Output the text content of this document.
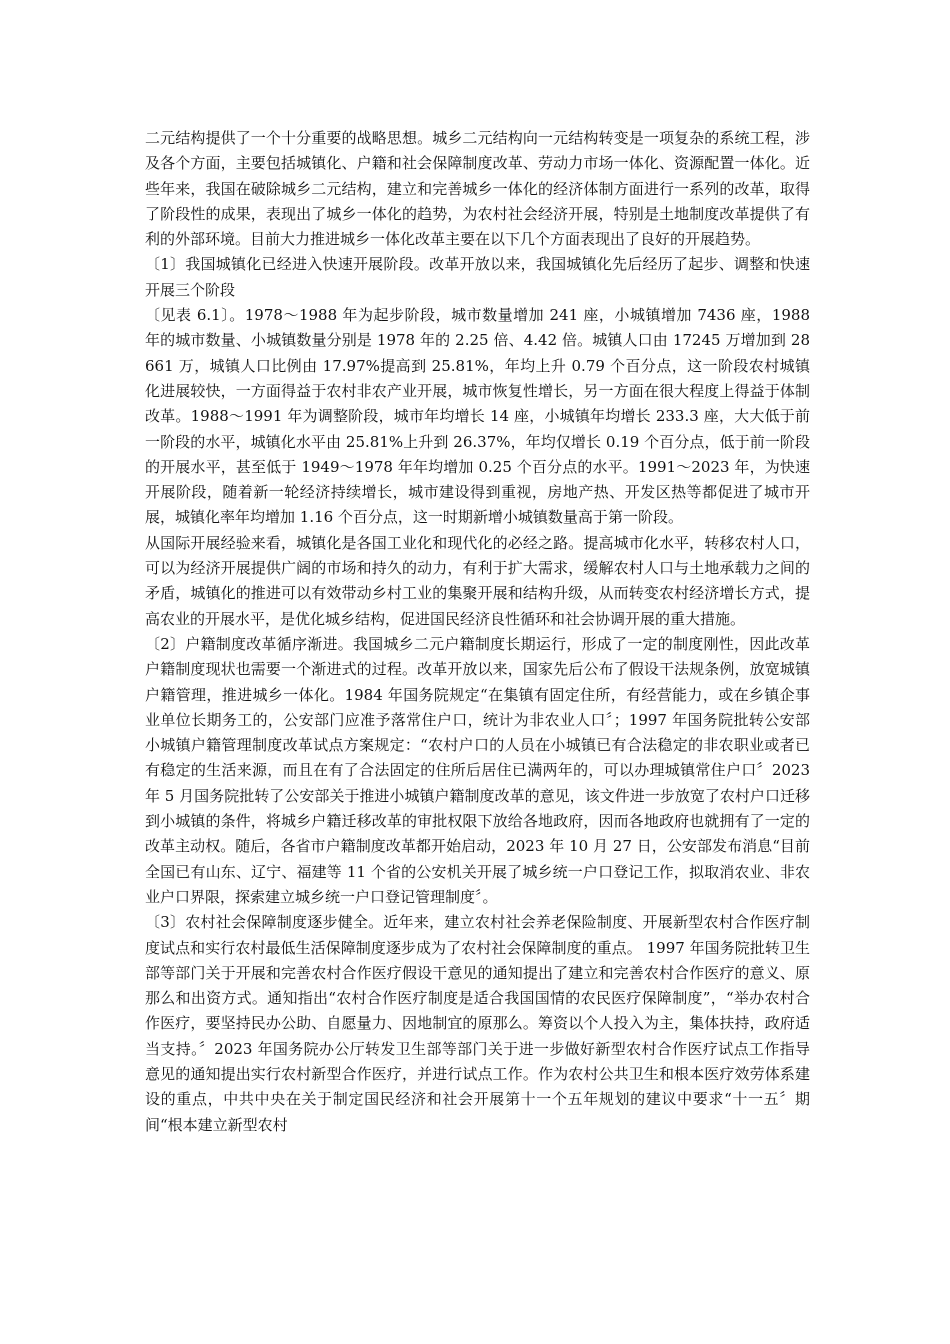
二元结构提供了一个十分重要的战略思想。城乡二元结构向一元结构转变是一项复杂的系统工程，涉及各个方面，主要包括城镇化、户籍和社会保障制度改革、劳动力市场一体化、资源配置一体化。近些年来，我国在破除城乡二元结构，建立和完善城乡一体化的经济体制方面进行一系列的改革，取得了阶段性的成果，表现出了城乡一体化的趋势，为农村社会经济开展，特别是土地制度改革提供了有利的外部环境。目前大力推进城乡一体化改革主要在以下几个方面表现出了良好的开展趋势。

〔1〕我国城镇化已经进入快速开展阶段。改革开放以来，我国城镇化先后经历了起步、调整和快速开展三个阶段

〔见表 6.1〕。1978～1988 年为起步阶段，城市数量增加 241 座，小城镇增加 7436 座，1988 年的城市数量、小城镇数量分别是 1978 年的 2.25 倍、4.42 倍。城镇人口由 17245 万增加到 28661 万，城镇人口比例由 17.97%提高到 25.81%，年均上升 0.79 个百分点，这一阶段农村城镇化进展较快，一方面得益于农村非农产业开展，城市恢复性增长，另一方面在很大程度上得益于体制改革。1988～1991 年为调整阶段，城市年均增长 14 座，小城镇年均增长 233.3 座，大大低于前一阶段的水平，城镇化水平由 25.81%上升到 26.37%，年均仅增长 0.19 个百分点，低于前一阶段的开展水平，甚至低于 1949～1978 年年均增加 0.25 个百分点的水平。1991～2023 年，为快速开展阶段，随着新一轮经济持续增长，城市建设得到重视，房地产热、开发区热等都促进了城市开展，城镇化率年均增加 1.16 个百分点，这一时期新增小城镇数量高于第一阶段。

从国际开展经验来看，城镇化是各国工业化和现代化的必经之路。提高城市化水平，转移农村人口，可以为经济开展提供广阔的市场和持久的动力，有利于扩大需求，缓解农村人口与土地承载力之间的矛盾，城镇化的推进可以有效带动乡村工业的集聚开展和结构升级，从而转变农村经济增长方式，提高农业的开展水平，是优化城乡结构，促进国民经济良性循环和社会协调开展的重大措施。

〔2〕户籍制度改革循序渐进。我国城乡二元户籍制度长期运行，形成了一定的制度刚性，因此改革户籍制度现状也需要一个渐进式的过程。改革开放以来，国家先后公布了假设干法规条例，放宽城镇户籍管理，推进城乡一体化。1984 年国务院规定“在集镇有固定住所，有经营能力，或在乡镇企事业单位长期务工的，公安部门应准予落常住户口，统计为非农业人口〞；1997 年国务院批转公安部小城镇户籍管理制度改革试点方案规定：“农村户口的人员在小城镇已有合法稳定的非农职业或者已有稳定的生活来源，而且在有了合法固定的住所后居住已满两年的，可以办理城镇常住户口〞2023 年 5 月国务院批转了公安部关于推进小城镇户籍制度改革的意见，该文件进一步放宽了农村户口迁移到小城镇的条件，将城乡户籍迁移改革的审批权限下放给各地政府，因而各地政府也就拥有了一定的改革主动权。随后，各省市户籍制度改革都开始启动，2023 年 10 月 27 日，公安部发布消息“目前全国已有山东、辽宁、福建等 11 个省的公安机关开展了城乡统一户口登记工作，拟取消农业、非农业户口界限，探索建立城乡统一户口登记管理制度〞。

〔3〕农村社会保障制度逐步健全。近年来，建立农村社会养老保险制度、开展新型农村合作医疗制度试点和实行农村最低生活保障制度逐步成为了农村社会保障制度的重点。 1997 年国务院批转卫生部等部门关于开展和完善农村合作医疗假设干意见的通知提出了建立和完善农村合作医疗的意义、原那么和出资方式。通知指出“农村合作医疗制度是适合我国国情的农民医疗保障制度”，“举办农村合作医疗，要坚持民办公助、自愿量力、因地制宜的原那么。筹资以个人投入为主，集体扶持，政府适当支持。〞2023 年国务院办公厅转发卫生部等部门关于进一步做好新型农村合作医疗试点工作指导意见的通知提出实行农村新型合作医疗，并进行试点工作。作为农村公共卫生和根本医疗效劳体系建设的重点，中共中央在关于制定国民经济和社会开展第十一个五年规划的建议中要求“十一五〞期间“根本建立新型农村
